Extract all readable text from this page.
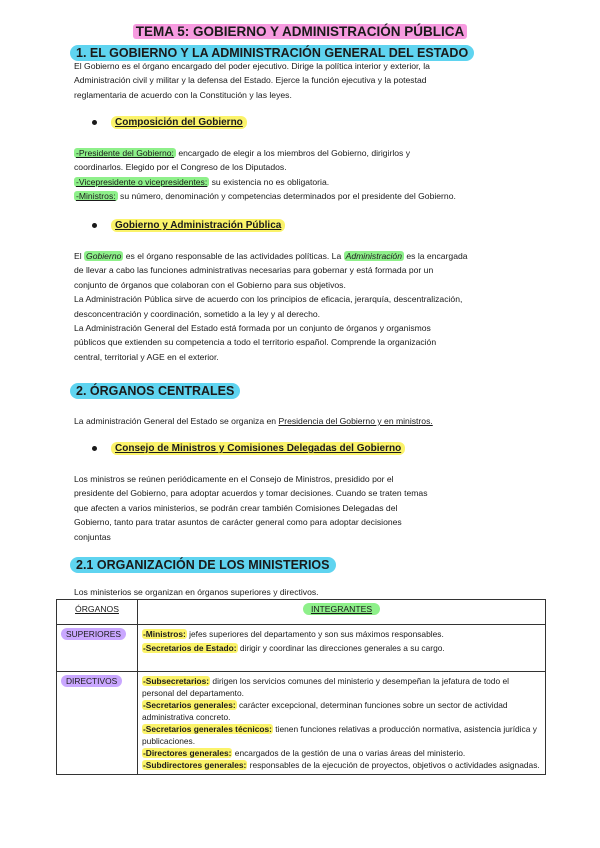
TEMA 5: GOBIERNO Y ADMINISTRACIÓN PÚBLICA
1. EL GOBIERNO Y LA ADMINISTRACIÓN GENERAL DEL ESTADO
El Gobierno es el órgano encargado del poder ejecutivo. Dirige la política interior y exterior, la
Administración civil y militar y la defensa del Estado. Ejerce la función ejecutiva y la potestad
reglamentaria de acuerdo con la Constitución y las leyes.
Composición del Gobierno
-Presidente del Gobierno: encargado de elegir a los miembros del Gobierno, dirigirlos y
coordinarlos. Elegido por el Congreso de los Diputados.
-Vicepresidente o vicepresidentes: su existencia no es obligatoria.
-Ministros: su número, denominación y competencias determinados por el presidente del Gobierno.
Gobierno y Administración Pública
El Gobierno es el órgano responsable de las actividades políticas. La Administración es la encargada
de llevar a cabo las funciones administrativas necesarias para gobernar y está formada por un
conjunto de órganos que colaboran con el Gobierno para sus objetivos.
La Administración Pública sirve de acuerdo con los principios de eficacia, jerarquía, descentralización,
desconcentración y coordinación, sometido a la ley y al derecho.
La Administración General del Estado está formada por un conjunto de órganos y organismos
públicos que extienden su competencia a todo el territorio español. Comprende la organización
central, territorial y AGE en el exterior.
2. ÓRGANOS CENTRALES
La administración General del Estado se organiza en Presidencia del Gobierno y en ministros.
Consejo de Ministros y Comisiones Delegadas del Gobierno
Los ministros se reúnen periódicamente en el Consejo de Ministros, presidido por el
presidente del Gobierno, para adoptar acuerdos y tomar decisiones. Cuando se traten temas
que afecten a varios ministerios, se podrán crear también Comisiones Delegadas del
Gobierno, tanto para tratar asuntos de carácter general como para adoptar decisiones
conjuntas
2.1 ORGANIZACIÓN DE LOS MINISTERIOS
Los ministerios se organizan en órganos superiores y directivos.
ÓRGANOS	INTEGRANTES
SUPERIORES	-Ministros: jefes superiores del departamento y son sus máximos responsables.
-Secretarios de Estado: dirigir y coordinar las direcciones generales a su cargo.

DIRECTIVOS	-Subsecretarios: dirigen los servicios comunes del ministerio y desempeñan la jefatura de todo el personal del departamento.
-Secretarios generales: carácter excepcional, determinan funciones sobre un sector de actividad administrativa concreto.
-Secretarios generales técnicos: tienen funciones relativas a producción normativa, asistencia jurídica y publicaciones.
-Directores generales: encargados de la gestión de una o varias áreas del ministerio.
-Subdirectores generales: responsables de la ejecución de proyectos, objetivos o actividades asignadas.
